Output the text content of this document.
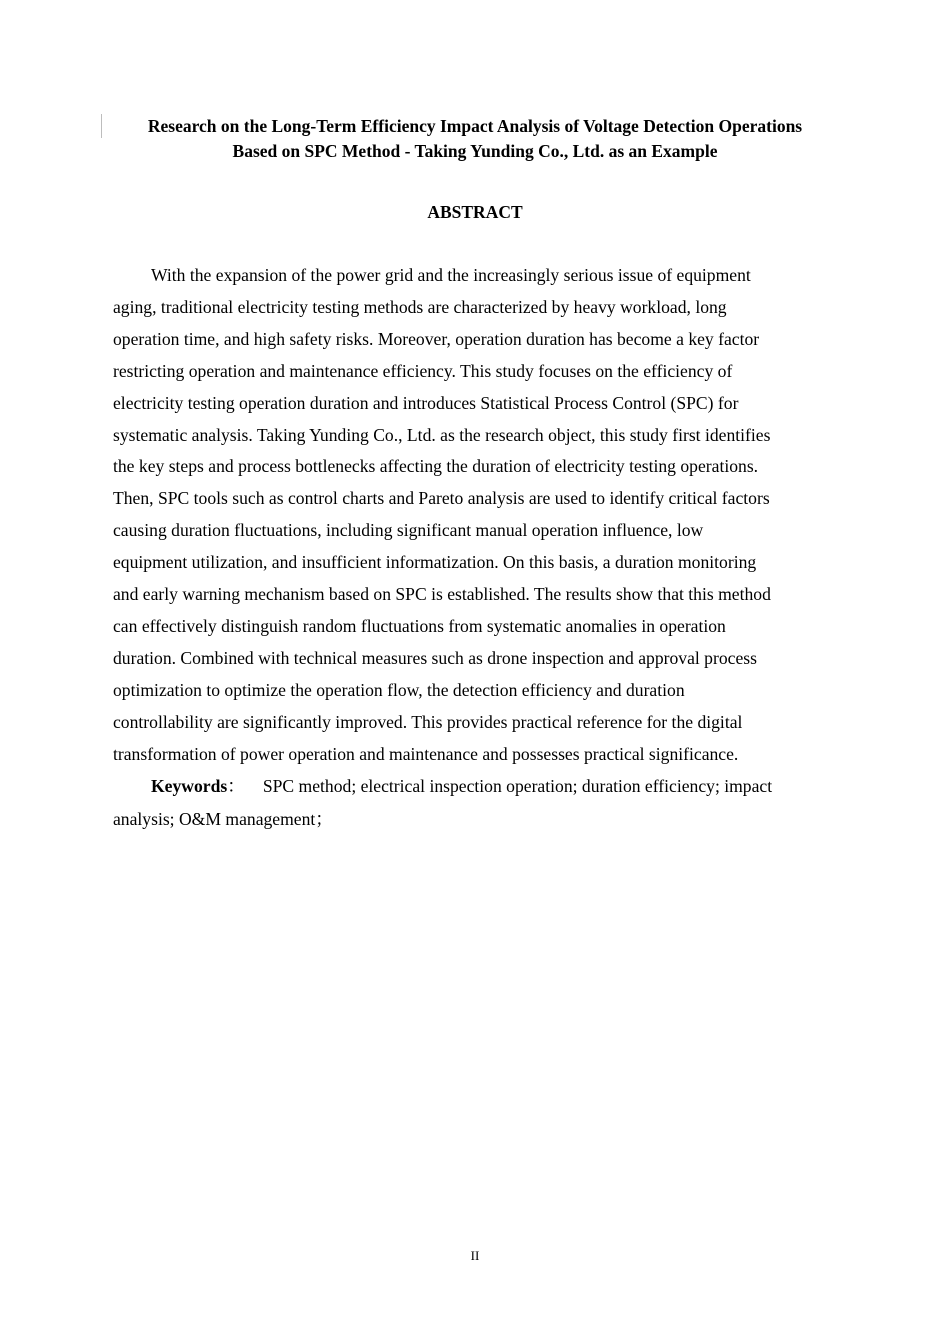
Research on the Long-Term Efficiency Impact Analysis of Voltage Detection Operations
Based on SPC Method - Taking Yunding Co., Ltd. as an Example
ABSTRACT
With the expansion of the power grid and the increasingly serious issue of equipment
aging, traditional electricity testing methods are characterized by heavy workload, long
operation time, and high safety risks. Moreover, operation duration has become a key factor
restricting operation and maintenance efficiency. This study focuses on the efficiency of
electricity testing operation duration and introduces Statistical Process Control (SPC) for
systematic analysis. Taking Yunding Co., Ltd. as the research object, this study first identifies
the key steps and process bottlenecks affecting the duration of electricity testing operations.
Then, SPC tools such as control charts and Pareto analysis are used to identify critical factors
causing duration fluctuations, including significant manual operation influence, low
equipment utilization, and insufficient informatization. On this basis, a duration monitoring
and early warning mechanism based on SPC is established. The results show that this method
can effectively distinguish random fluctuations from systematic anomalies in operation
duration. Combined with technical measures such as drone inspection and approval process
optimization to optimize the operation flow, the detection efficiency and duration
controllability are significantly improved. This provides practical reference for the digital
transformation of power operation and maintenance and possesses practical significance.
Keywords： SPC method; electrical inspection operation; duration efficiency; impact
analysis; O&M management；
II
